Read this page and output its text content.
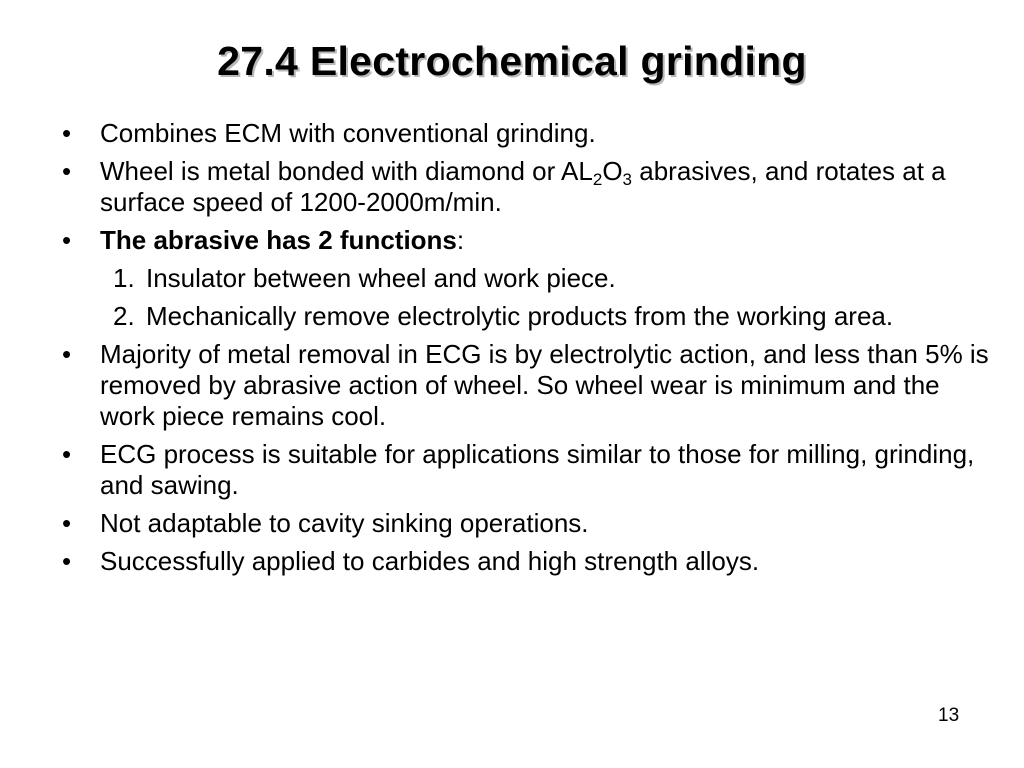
27.4 Electrochemical grinding
•	Combines ECM with conventional grinding.
•	Wheel is metal bonded with diamond or $AL_2O_3$ abrasives, and rotates at a surface speed of 1200-2000m/min.
•	The abrasive has 2 functions:
1. Insulator between wheel and work piece.
2. Mechanically remove electrolytic products from the working area.
•	Majority of metal removal in ECG is by electrolytic action, and less than 5% is removed by abrasive action of wheel. So wheel wear is minimum and the work piece remains cool.
•	ECG process is suitable for applications similar to those for milling, grinding, and sawing.
•	Not adaptable to cavity sinking operations.
•	Successfully applied to carbides and high strength alloys.
13
